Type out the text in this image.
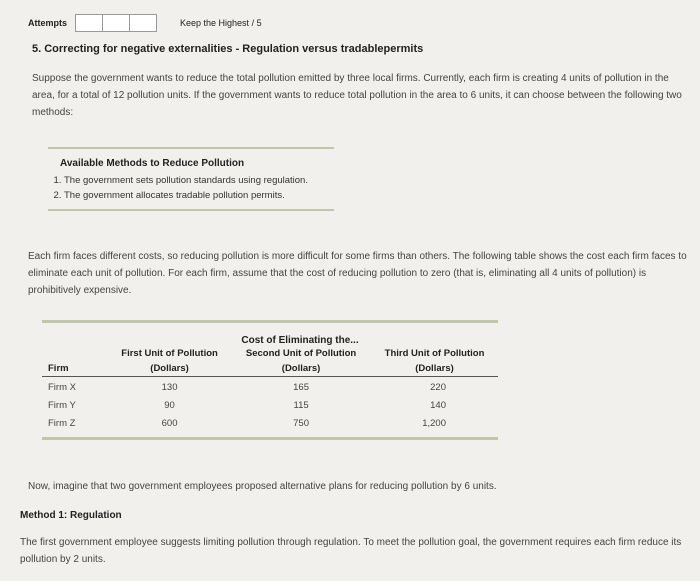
Attempts	Keep the Highest / 5
5. Correcting for negative externalities - Regulation versus tradablepermits
Suppose the government wants to reduce the total pollution emitted by three local firms. Currently, each firm is creating 4 units of pollution in the area, for a total of 12 pollution units. If the government wants to reduce total pollution in the area to 6 units, it can choose between the following two methods:
Available Methods to Reduce Pollution
1. The government sets pollution standards using regulation.
2. The government allocates tradable pollution permits.
Each firm faces different costs, so reducing pollution is more difficult for some firms than others. The following table shows the cost each firm faces to eliminate each unit of pollution. For each firm, assume that the cost of reducing pollution to zero (that is, eliminating all 4 units of pollution) is prohibitively expensive.
Cost of Eliminating the...
	First Unit of Pollution	Second Unit of Pollution	Third Unit of Pollution
Firm	(Dollars)	(Dollars)	(Dollars)
Firm X	130	165	220
Firm Y	90	115	140
Firm Z	600	750	1,200
Now, imagine that two government employees proposed alternative plans for reducing pollution by 6 units.
Method 1: Regulation
The first government employee suggests limiting pollution through regulation. To meet the pollution goal, the government requires each firm reduce its pollution by 2 units.
